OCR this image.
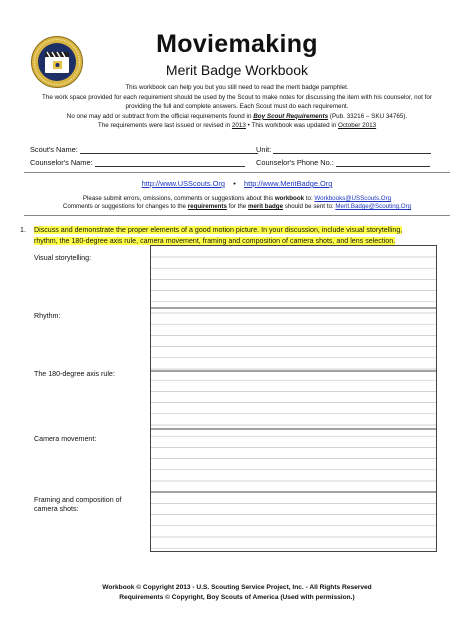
Moviemaking
Merit Badge Workbook

This workbook can help you but you still need to read the merit badge pamphlet.

The work space provided for each requirement should be used by the Scout to make notes for discussing the item with his counselor, not for

providing the full and complete answers. Each Scout must do each requirement.

No one may add or subtract from the official requirements found in Boy Scout Requirements (Pub. 33216 – SKU 34765).

The requirements were last issued or revised in 2013 • This workbook was updated in October 2013

Scout's Name:	Unit:
Counselor's Name:	Counselor's Phone No.:
http://www.USScouts.Org • http://www.MeritBadge.Org
Please submit errors, omissions, comments or suggestions about this workbook to: Workbooks@USScouts.Org
Comments or suggestions for changes to the requirements for the merit badge should be sent to: Merit.Badge@Scouting.Org
1.	Discuss and demonstrate the proper elements of a good motion picture. In your discussion, include visual storytelling,
rhythm, the 180-degree axis rule, camera movement, framing and composition of camera shots, and lens selection.
Visual storytelling:
Rhythm:
The 180-degree axis rule:
Camera movement:
Framing and composition of camera shots:
Workbook © Copyright 2013 - U.S. Scouting Service Project, Inc. - All Rights Reserved
Requirements © Copyright, Boy Scouts of America (Used with permission.)
